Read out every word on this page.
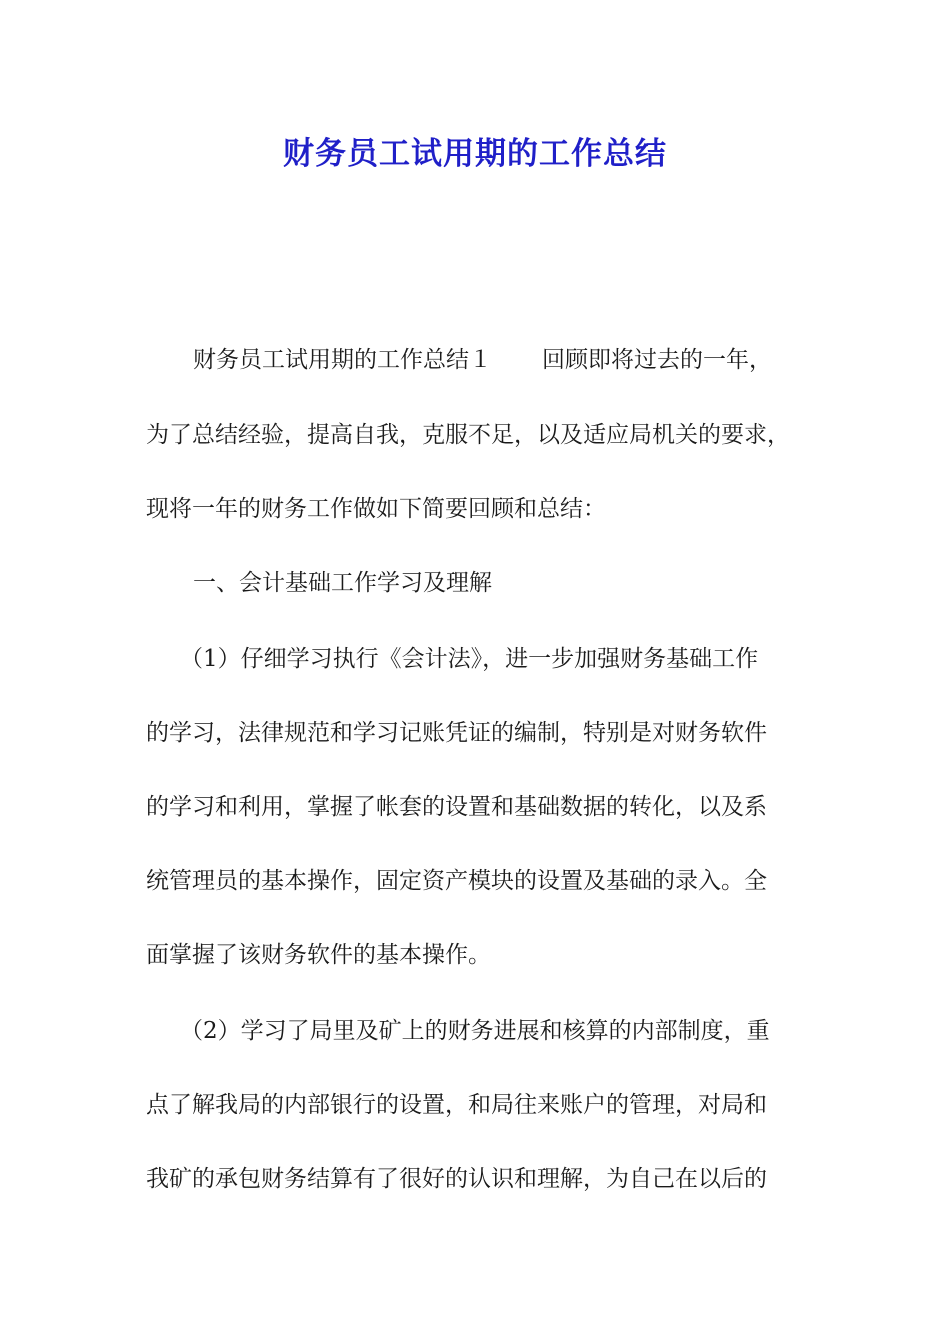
财务员工试用期的工作总结

财务员工试用期的工作总结１ 回顾即将过去的一年，

为了总结经验，提高自我，克服不足，以及适应局机关的要求，

现将一年的财务工作做如下简要回顾和总结：

一、会计基础工作学习及理解

（1）仔细学习执行《会计法》，进一步加强财务基础工作

的学习，法律规范和学习记账凭证的编制，特别是对财务软件

的学习和利用，掌握了帐套的设置和基础数据的转化，以及系

统管理员的基本操作，固定资产模块的设置及基础的录入。全

面掌握了该财务软件的基本操作。

（2）学习了局里及矿上的财务进展和核算的内部制度，重

点了解我局的内部银行的设置，和局往来账户的管理，对局和

我矿的承包财务结算有了很好的认识和理解，为自己在以后的
